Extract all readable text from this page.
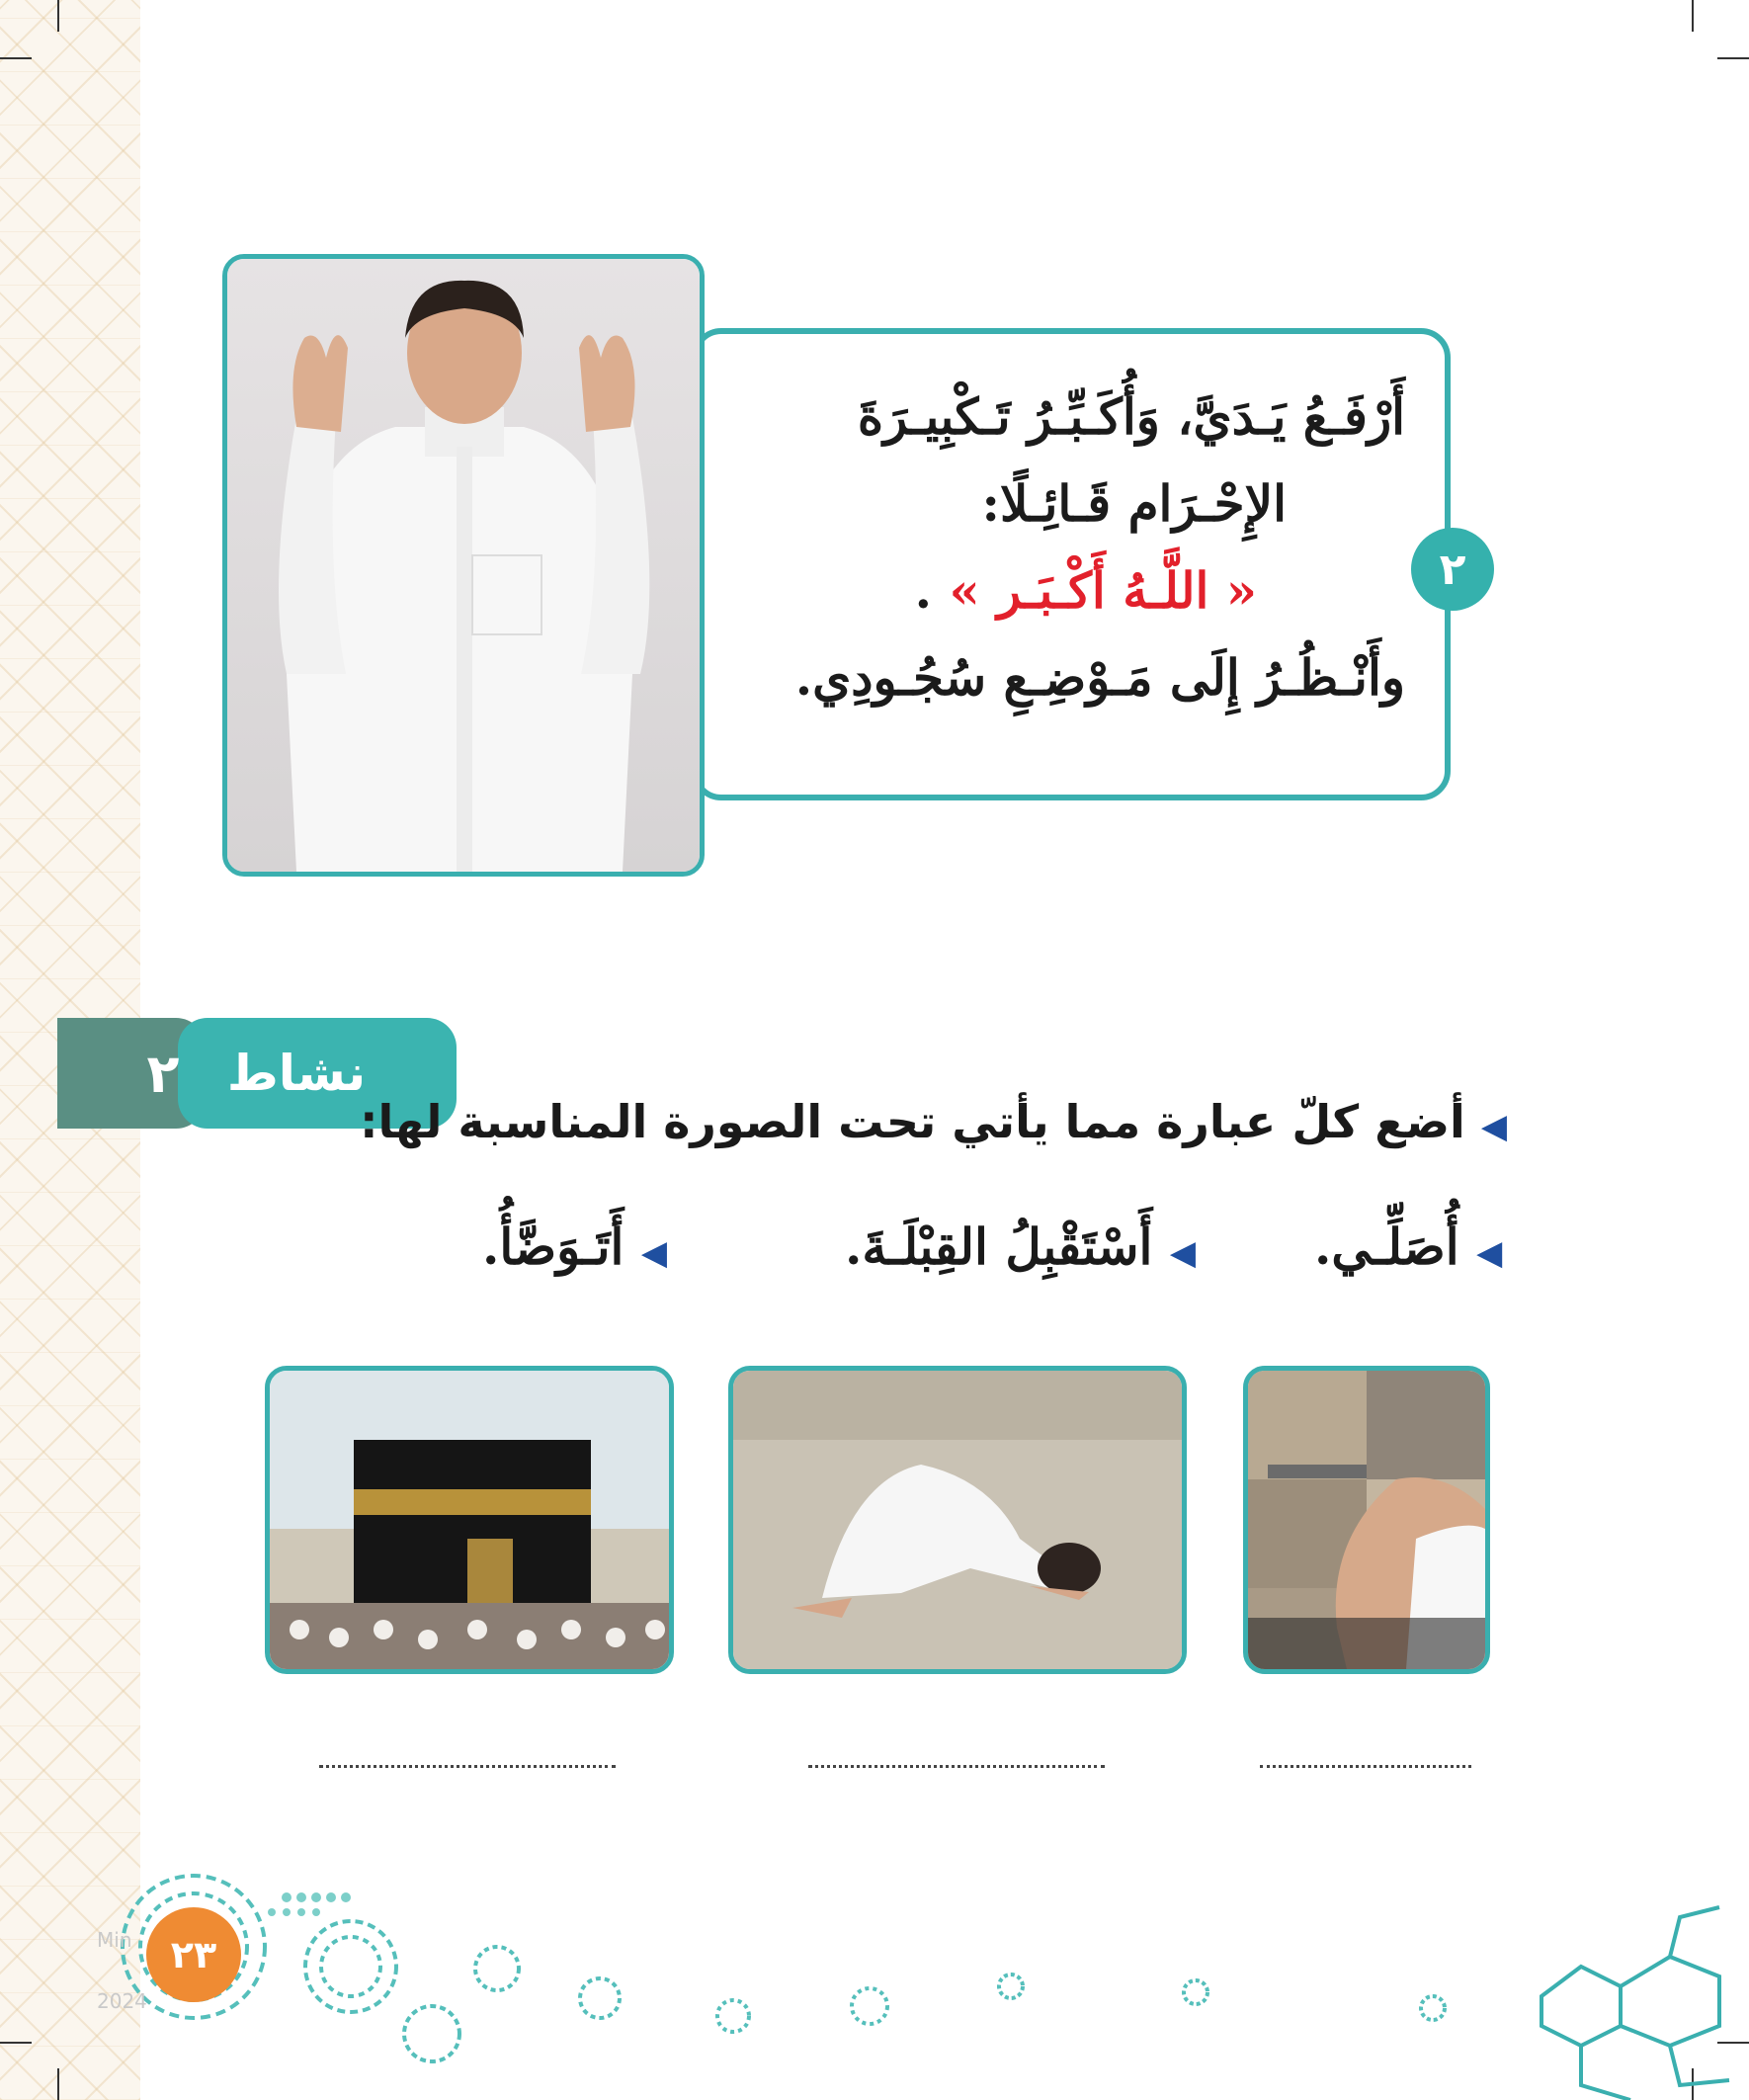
أَرْفَـعُ يَـدَيَّ، وَأُكَـبِّـرُ تَـكْبِيـرَةَ
الإِحْـرَام قَـائِـلًا:
« اللَّـهُ أَكْـبَـر » .
وأَنْـظُـرُ إِلَى مَـوْضِـعِ سُجُـودِي.
٢
نشاط
٢
◀ أضع كلّ عبارة مما يأتي تحت الصورة المناسبة لها:
◀ أُصَلِّـي.
◀ أَسْتَقْبِلُ القِبْلَـةَ.
◀ أَتَـوَضَّأُ.
Min
2024
٢٣
